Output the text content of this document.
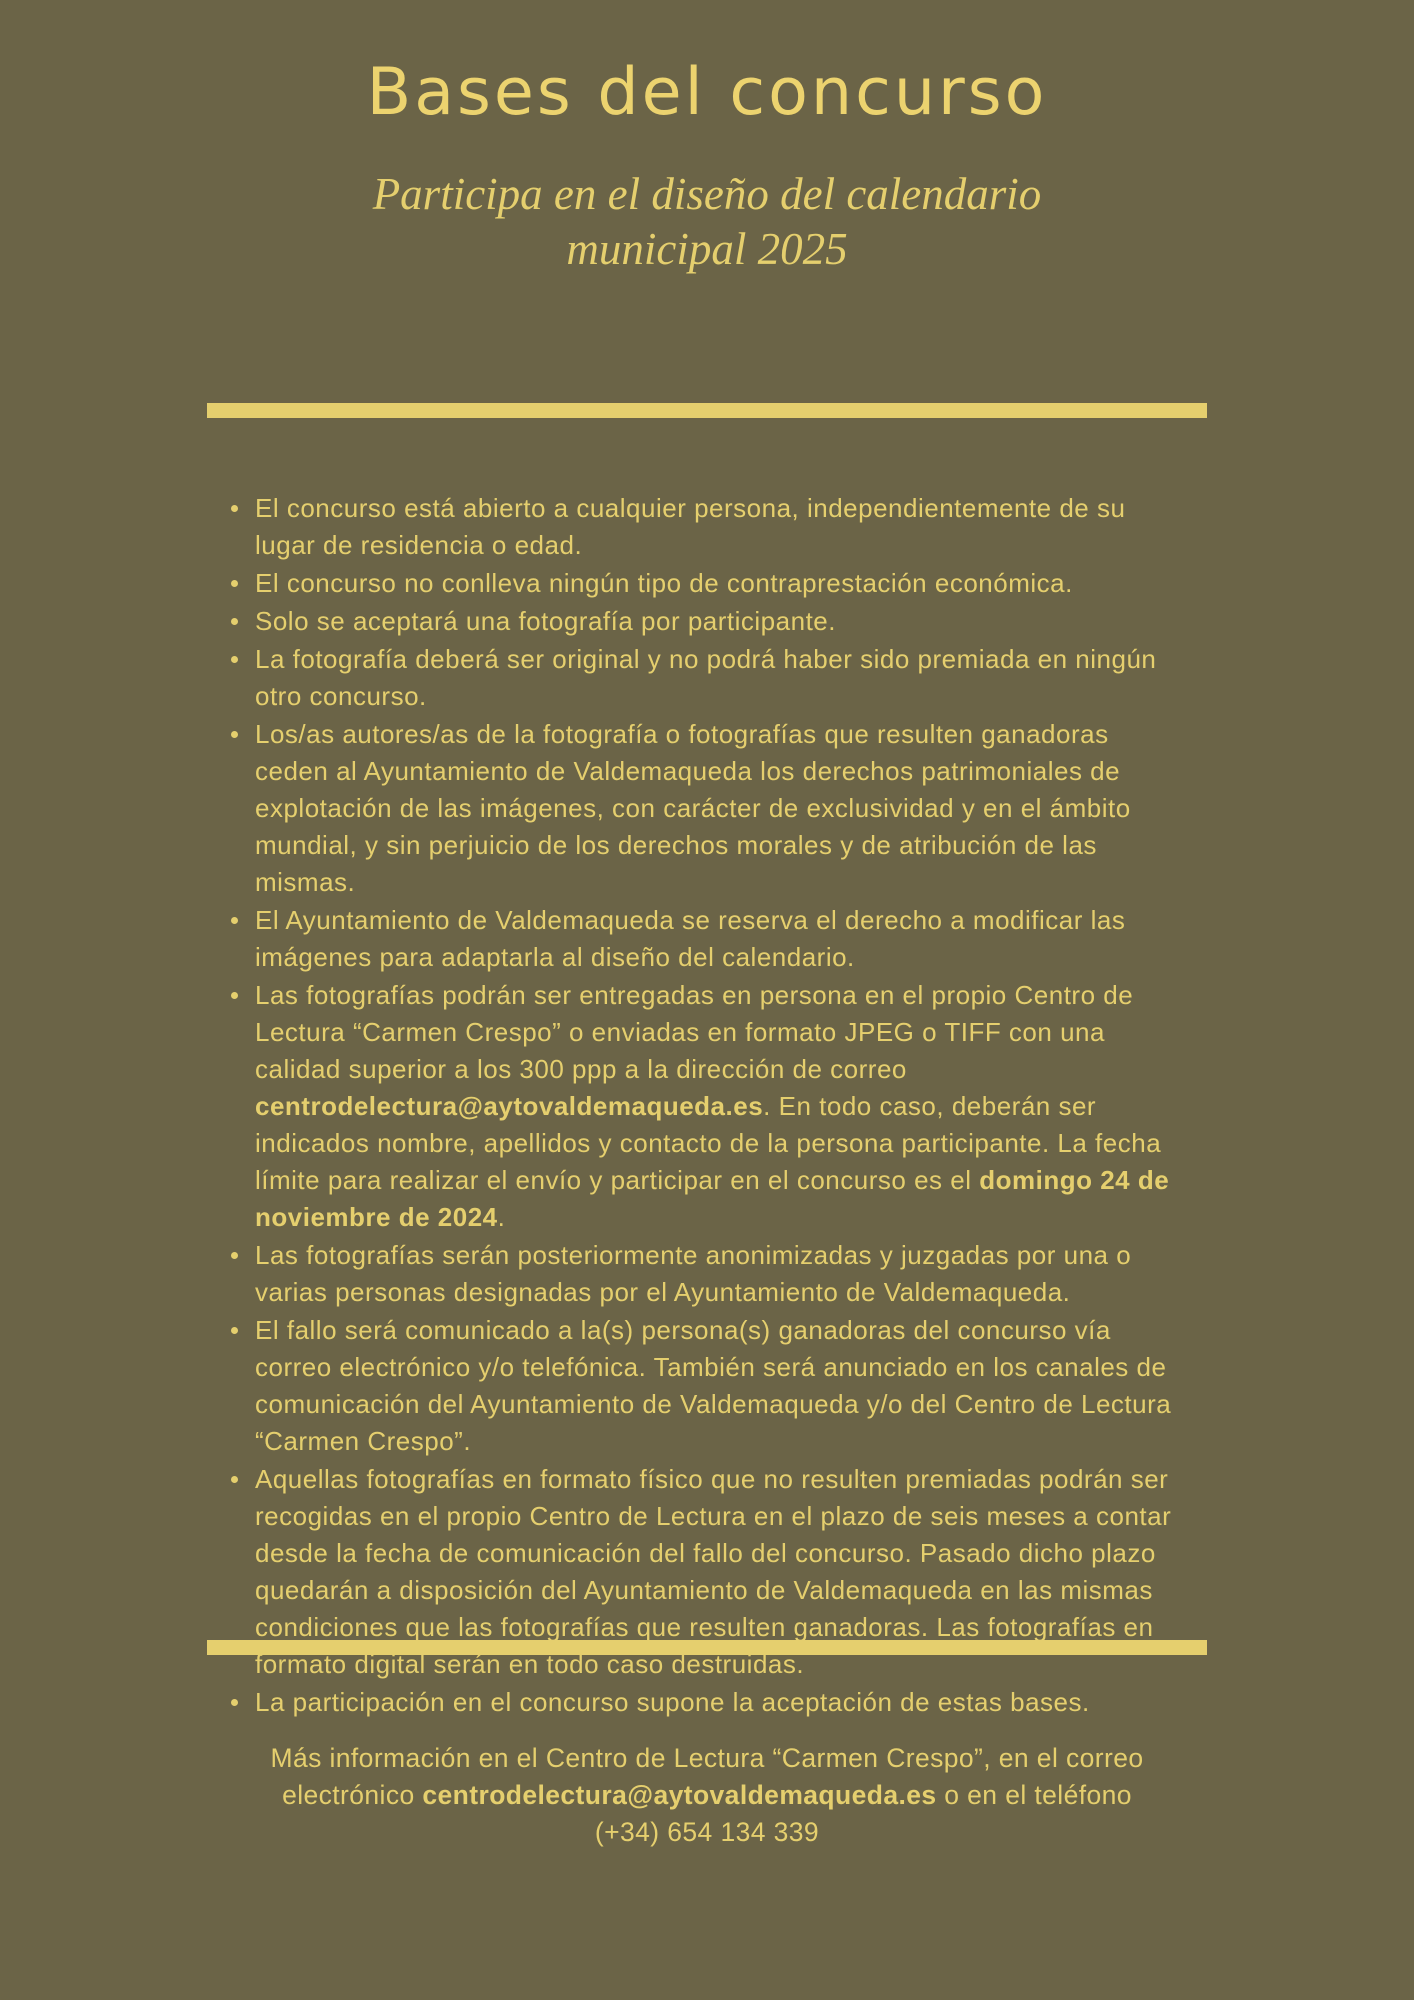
Bases del concurso
Participa en el diseño del calendario
municipal 2025
El concurso está abierto a cualquier persona, independientemente de su lugar de residencia o edad.
El concurso no conlleva ningún tipo de contraprestación económica.
Solo se aceptará una fotografía por participante.
La fotografía deberá ser original y no podrá haber sido premiada en ningún otro concurso.
Los/as autores/as de la fotografía o fotografías que resulten ganadoras ceden al Ayuntamiento de Valdemaqueda los derechos patrimoniales de explotación de las imágenes, con carácter de exclusividad y en el ámbito mundial, y sin perjuicio de los derechos morales y de atribución de las mismas.
El Ayuntamiento de Valdemaqueda se reserva el derecho a modificar las imágenes para adaptarla al diseño del calendario.
Las fotografías podrán ser entregadas en persona en el propio Centro de Lectura “Carmen Crespo” o enviadas en formato JPEG o TIFF con una calidad superior a los 300 ppp a la dirección de correo centrodelectura@aytovaldemaqueda.es. En todo caso, deberán ser indicados nombre, apellidos y contacto de la persona participante. La fecha límite para realizar el envío y participar en el concurso es el domingo 24 de noviembre de 2024.
Las fotografías serán posteriormente anonimizadas y juzgadas por una o varias personas designadas por el Ayuntamiento de Valdemaqueda.
El fallo será comunicado a la(s) persona(s) ganadoras del concurso vía correo electrónico y/o telefónica. También será anunciado en los canales de comunicación del Ayuntamiento de Valdemaqueda y/o del Centro de Lectura “Carmen Crespo”.
Aquellas fotografías en formato físico que no resulten premiadas podrán ser recogidas en el propio Centro de Lectura en el plazo de seis meses a contar desde la fecha de comunicación del fallo del concurso. Pasado dicho plazo quedarán a disposición del Ayuntamiento de Valdemaqueda en las mismas condiciones que las fotografías que resulten ganadoras. Las fotografías en formato digital serán en todo caso destruidas.
La participación en el concurso supone la aceptación de estas bases.
Más información en el Centro de Lectura “Carmen Crespo”, en el correo electrónico centrodelectura@aytovaldemaqueda.es o en el teléfono (+34) 654 134 339
